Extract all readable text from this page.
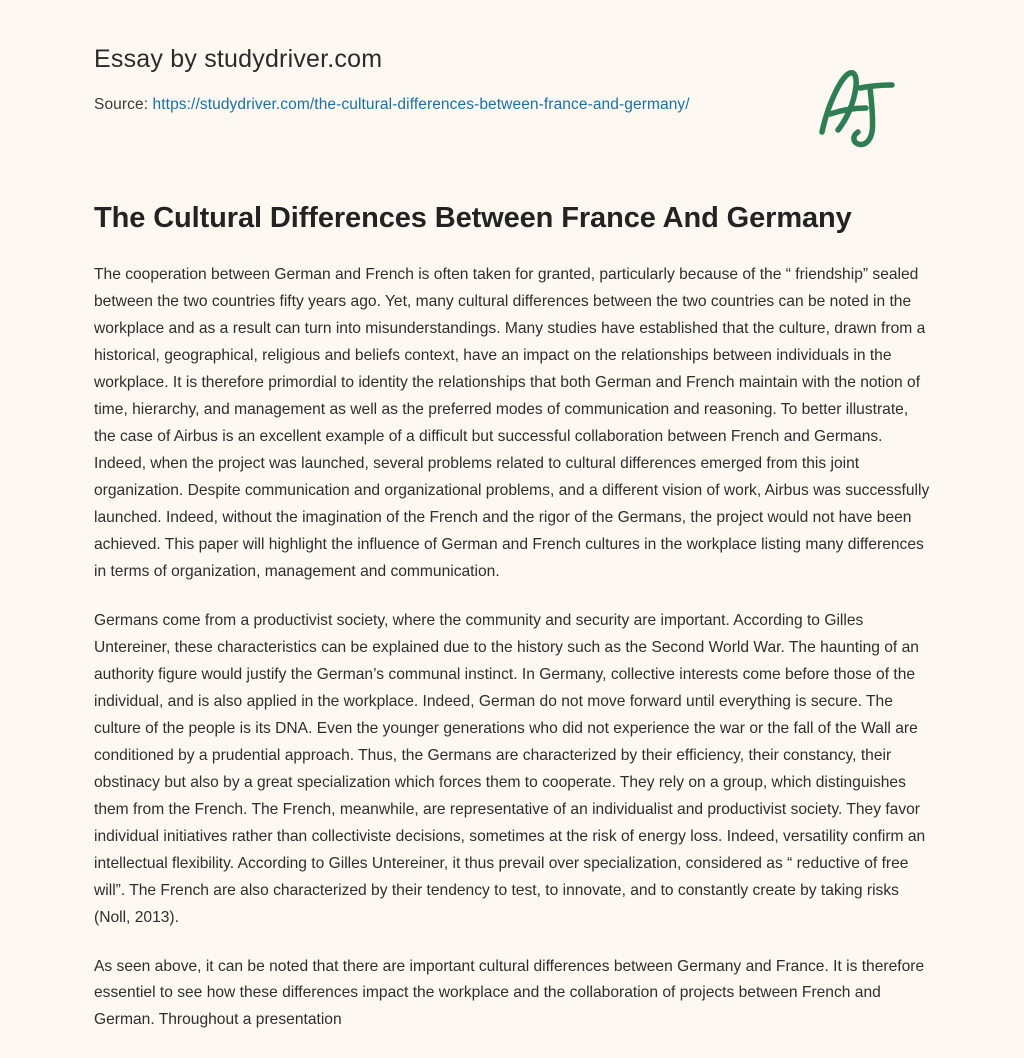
Essay by studydriver.com
Source: https://studydriver.com/the-cultural-differences-between-france-and-germany/
The Cultural Differences Between France And Germany

The cooperation between German and French is often taken for granted, particularly because of the “ friendship” sealed between the two countries fifty years ago. Yet, many cultural differences between the two countries can be noted in the workplace and as a result can turn into misunderstandings. Many studies have established that the culture, drawn from a historical, geographical, religious and beliefs context, have an impact on the relationships between individuals in the workplace. It is therefore primordial to identity the relationships that both German and French maintain with the notion of time, hierarchy, and management as well as the preferred modes of communication and reasoning. To better illustrate, the case of Airbus is an excellent example of a difficult but successful collaboration between French and Germans. Indeed, when the project was launched, several problems related to cultural differences emerged from this joint organization. Despite communication and organizational problems, and a different vision of work, Airbus was successfully launched. Indeed, without the imagination of the French and the rigor of the Germans, the project would not have been achieved. This paper will highlight the influence of German and French cultures in the workplace listing many differences in terms of organization, management and communication.

Germans come from a productivist society, where the community and security are important. According to Gilles Untereiner, these characteristics can be explained due to the history such as the Second World War. The haunting of an authority figure would justify the German’s communal instinct. In Germany, collective interests come before those of the individual, and is also applied in the workplace. Indeed, German do not move forward until everything is secure. The culture of the people is its DNA. Even the younger generations who did not experience the war or the fall of the Wall are conditioned by a prudential approach. Thus, the Germans are characterized by their efficiency, their constancy, their obstinacy but also by a great specialization which forces them to cooperate. They rely on a group, which distinguishes them from the French. The French, meanwhile, are representative of an individualist and productivist society. They favor individual initiatives rather than collectiviste decisions, sometimes at the risk of energy loss. Indeed, versatility confirm an intellectual flexibility. According to Gilles Untereiner, it thus prevail over specialization, considered as “ reductive of free will”. The French are also characterized by their tendency to test, to innovate, and to constantly create by taking risks (Noll, 2013).

As seen above, it can be noted that there are important cultural differences between Germany and France. It is therefore essentiel to see how these differences impact the workplace and the collaboration of projects between French and German. Throughout a presentation
